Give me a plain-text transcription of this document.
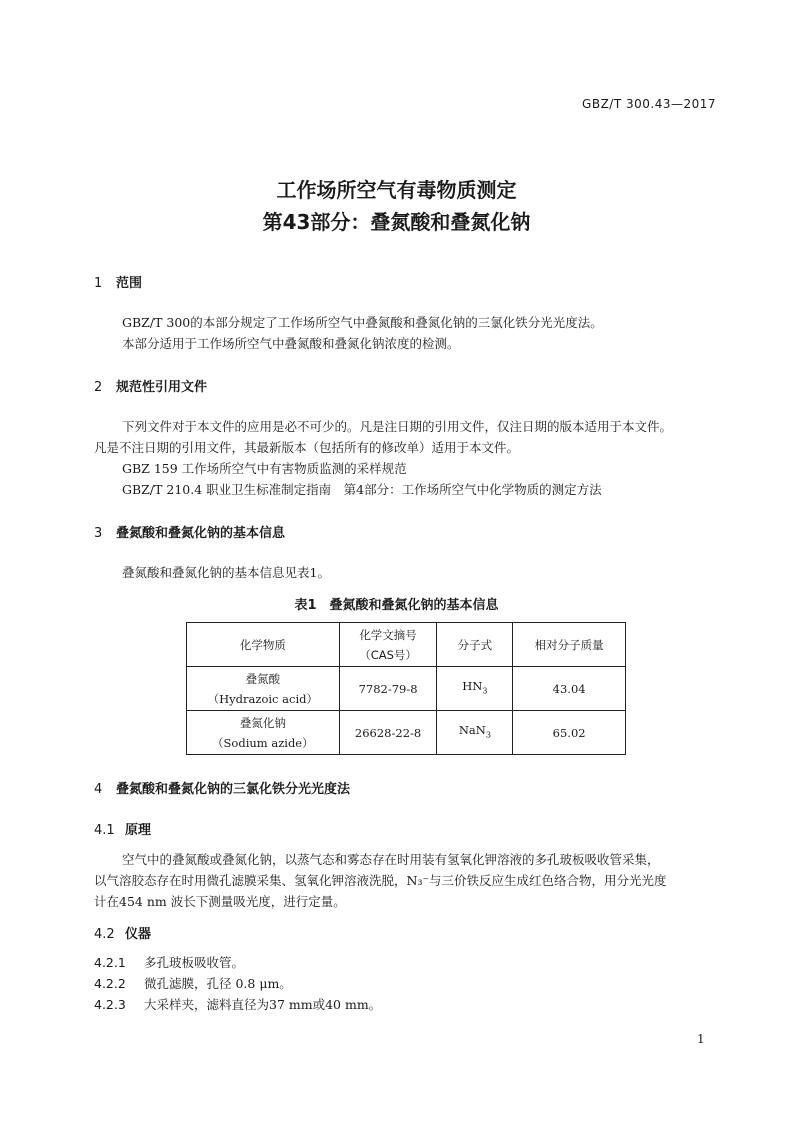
GBZ/T 300.43—2017
工作场所空气有毒物质测定
第43部分：叠氮酸和叠氮化钠
1 范围
GBZ/T 300的本部分规定了工作场所空气中叠氮酸和叠氮化钠的三氯化铁分光光度法。
本部分适用于工作场所空气中叠氮酸和叠氮化钠浓度的检测。
2 规范性引用文件
下列文件对于本文件的应用是必不可少的。凡是注日期的引用文件，仅注日期的版本适用于本文件。
凡是不注日期的引用文件，其最新版本（包括所有的修改单）适用于本文件。
GBZ 159 工作场所空气中有害物质监测的采样规范
GBZ/T 210.4 职业卫生标准制定指南　第4部分：工作场所空气中化学物质的测定方法
3 叠氮酸和叠氮化钠的基本信息
叠氮酸和叠氮化钠的基本信息见表1。
表1　叠氮酸和叠氮化钠的基本信息
化学物质	化学文摘号
（CAS号）	分子式	相对分子质量

叠氮酸
（Hydrazoic acid）	7782-79-8	$HN_3$	43.04

叠氮化钠
（Sodium azide）	26628-22-8	NaN$_3$	65.02
4 叠氮酸和叠氮化钠的三氯化铁分光光度法
4.1 原理
空气中的叠氮酸或叠氮化钠，以蒸气态和雾态存在时用装有氢氧化钾溶液的多孔玻板吸收管采集，
以气溶胶态存在时用微孔滤膜采集、氢氧化钾溶液洗脱，N₃⁻与三价铁反应生成红色络合物，用分光光度
计在454 nm 波长下测量吸光度，进行定量。
4.2 仪器
4.2.1 多孔玻板吸收管。
4.2.2 微孔滤膜，孔径 0.8 μm。
4.2.3 大采样夹，滤料直径为37 mm或40 mm。
1
